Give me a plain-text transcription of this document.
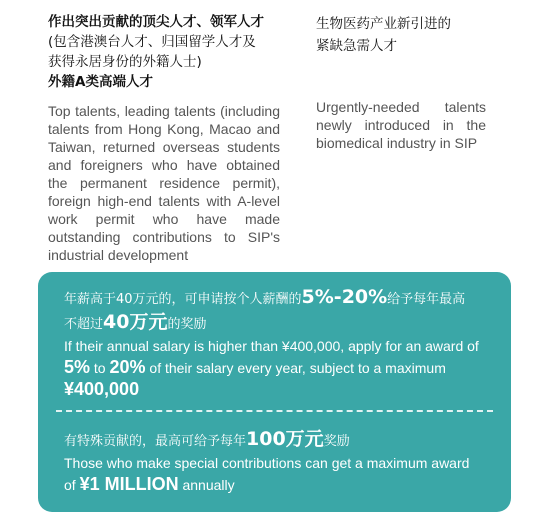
作出突出贡献的顶尖人才、领军人才

(包含港澳台人才、归国留学人才及

获得永居身份的外籍人士)

外籍A类高端人才

Top talents, leading talents (including talents from Hong Kong, Macao and Taiwan, returned overseas students and foreigners who have obtained the permanent residence permit), foreign high-end talents with A-level work permit who have made outstanding contributions to SIP's industrial development

生物医药产业新引进的

紧缺急需人才

Urgently-needed talents newly introduced in the biomedical industry in SIP

年薪高于40万元的，可申请按个人薪酬的5%-20%给予每年最高
不超过40万元的奖励

If their annual salary is higher than ¥400,000, apply for an award of 5% to 20% of their salary every year, subject to a maximum ¥400,000

有特殊贡献的，最高可给予每年100万元奖励

Those who make special contributions can get a maximum award
of ¥1 MILLION annually
